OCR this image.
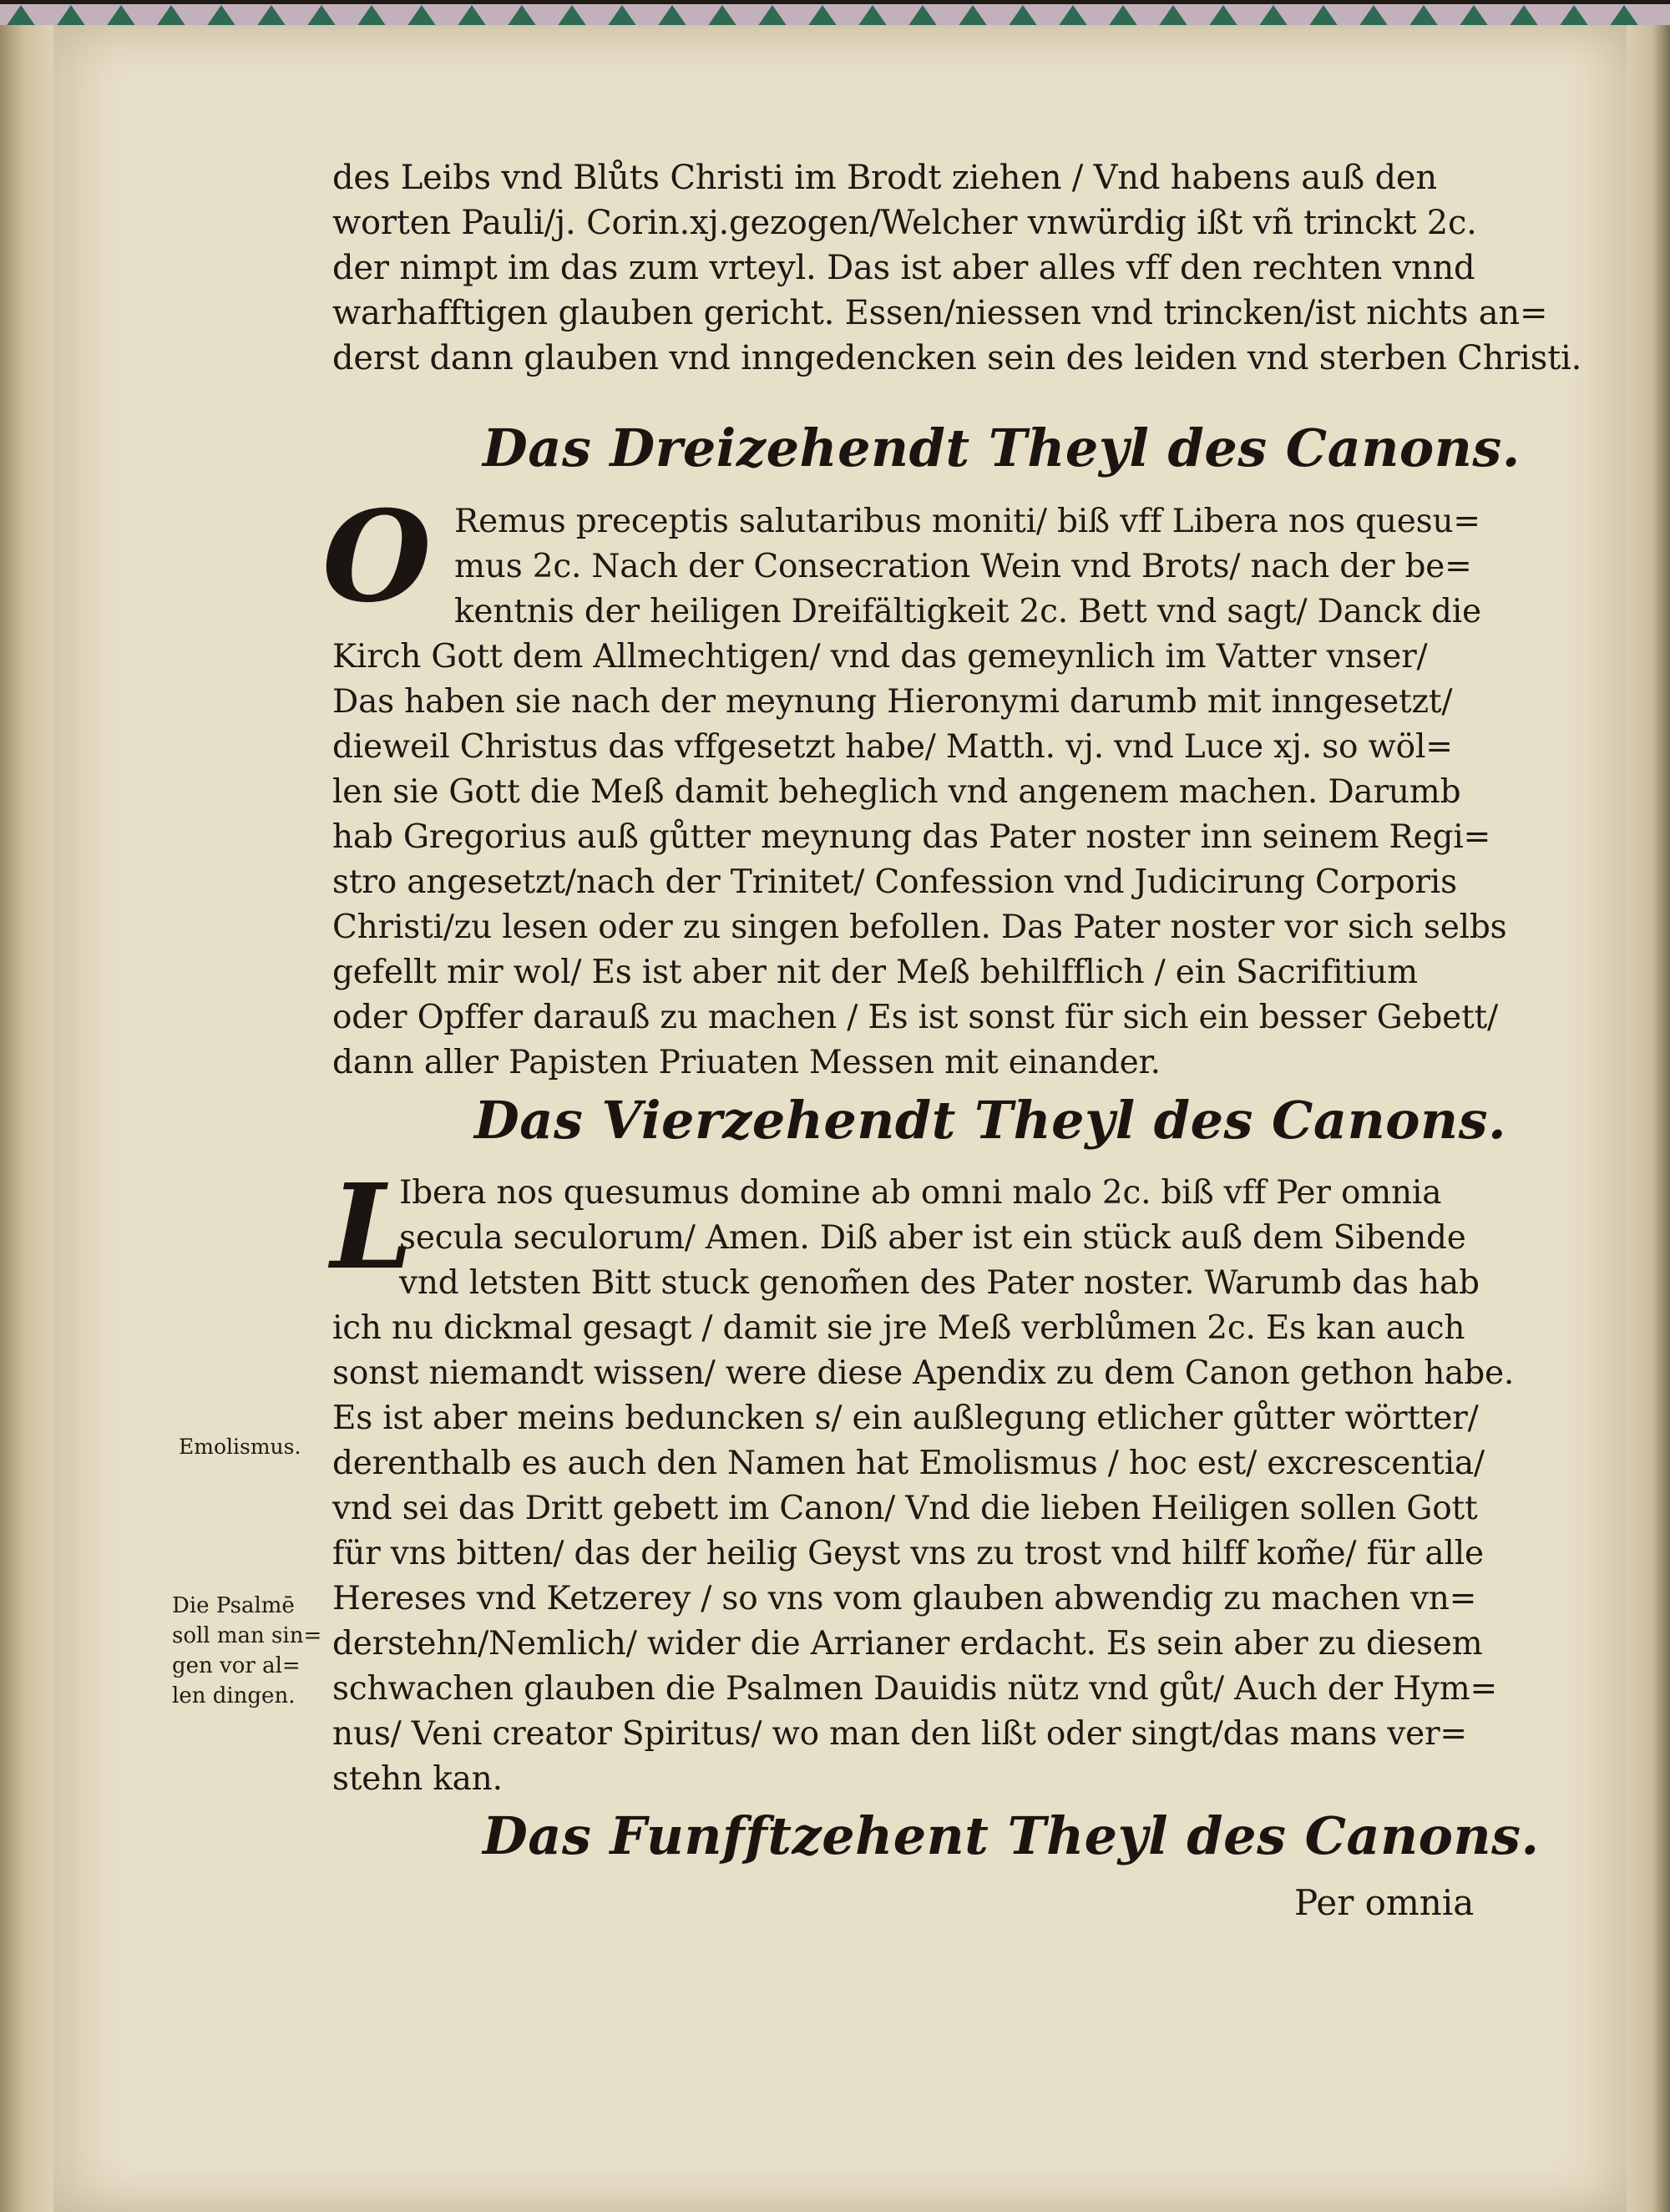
des Leibs vnd Blůts Christi im Brodt ziehen / Vnd habens auß den
worten Pauli/j. Corin.xj.gezogen/Welcher vnwürdig ißt vñ trinckt 2c.
der nimpt im das zum vrteyl. Das ist aber alles vff den rechten vnnd
warhafftigen glauben gericht. Essen/niessen vnd trincken/ist nichts an=
derst dann glauben vnd inngedencken sein des leiden vnd sterben Christi.
Das Dreizehendt Theyl des Canons.
O Remus preceptis salutaribus moniti/ biß vff Libera nos quesu=
mus 2c. Nach der Consecration Wein vnd Brots/ nach der be=
kentnis der heiligen Dreifältigkeit 2c. Bett vnd sagt/ Danck die
Kirch Gott dem Allmechtigen/ vnd das gemeynlich im Vatter vnser/
Das haben sie nach der meynung Hieronymi darumb mit inngesetzt/
dieweil Christus das vffgesetzt habe/ Matth. vj. vnd Luce xj. so wöl=
len sie Gott die Meß damit beheglich vnd angenem machen. Darumb
hab Gregorius auß gůtter meynung das Pater noster inn seinem Regi=
stro angesetzt/nach der Trinitet/ Confession vnd Judicirung Corporis
Christi/zu lesen oder zu singen befollen. Das Pater noster vor sich selbs
gefellt mir wol/ Es ist aber nit der Meß behilfflich / ein Sacrifitium
oder Opffer darauß zu machen / Es ist sonst für sich ein besser Gebett/
dann aller Papisten Priuaten Messen mit einander.
Das Vierzehendt Theyl des Canons.
L
Ibera nos quesumus domine ab omni malo 2c. biß vff Per omnia
secula seculorum/ Amen. Diß aber ist ein stück auß dem Sibende
vnd letsten Bitt stuck genom̃en des Pater noster. Warumb das hab
ich nu dickmal gesagt / damit sie jre Meß verblůmen 2c. Es kan auch
sonst niemandt wissen/ were diese Apendix zu dem Canon gethon habe.
Es ist aber meins beduncken s/ ein außlegung etlicher gůtter wörtter/
derenthalb es auch den Namen hat Emolismus / hoc est/ excrescentia/
vnd sei das Dritt gebett im Canon/ Vnd die lieben Heiligen sollen Gott
für vns bitten/ das der heilig Geyst vns zu trost vnd hilff kom̃e/ für alle
Hereses vnd Ketzerey / so vns vom glauben abwendig zu machen vn=
derstehn/Nemlich/ wider die Arrianer erdacht. Es sein aber zu diesem
schwachen glauben die Psalmen Dauidis nütz vnd gůt/ Auch der Hym=
nus/ Veni creator Spiritus/ wo man den lißt oder singt/das mans ver=
stehn kan.
Das Funfftzehent Theyl des Canons.
Per omnia
Emolismus.
Die Psalmē
soll man sin=
gen vor al=
len dingen.
